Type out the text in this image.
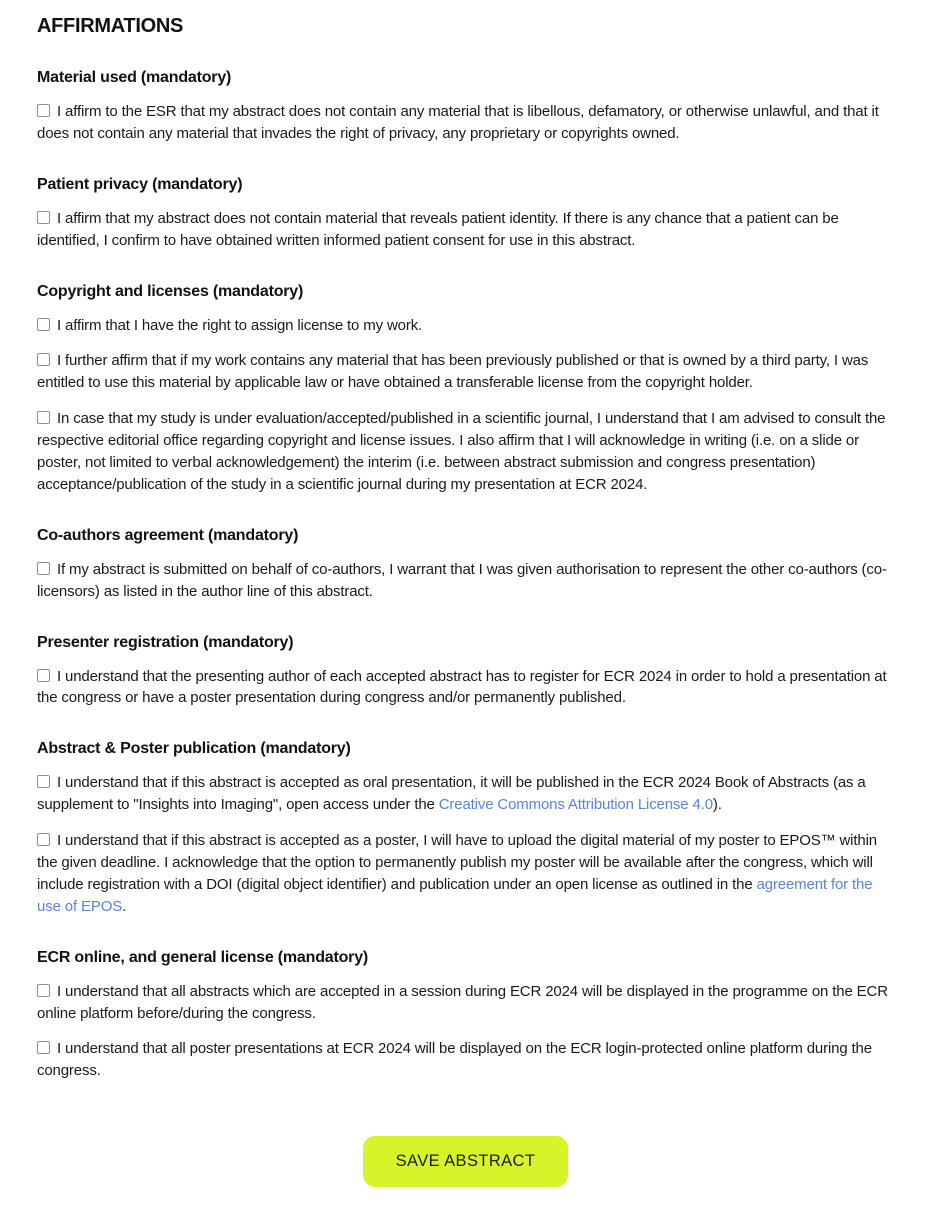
AFFIRMATIONS
Material used (mandatory)
I affirm to the ESR that my abstract does not contain any material that is libellous, defamatory, or otherwise unlawful, and that it does not contain any material that invades the right of privacy, any proprietary or copyrights owned.
Patient privacy (mandatory)
I affirm that my abstract does not contain material that reveals patient identity. If there is any chance that a patient can be identified, I confirm to have obtained written informed patient consent for use in this abstract.
Copyright and licenses (mandatory)
I affirm that I have the right to assign license to my work.
I further affirm that if my work contains any material that has been previously published or that is owned by a third party, I was entitled to use this material by applicable law or have obtained a transferable license from the copyright holder.
In case that my study is under evaluation/accepted/published in a scientific journal, I understand that I am advised to consult the respective editorial office regarding copyright and license issues. I also affirm that I will acknowledge in writing (i.e. on a slide or poster, not limited to verbal acknowledgement) the interim (i.e. between abstract submission and congress presentation) acceptance/publication of the study in a scientific journal during my presentation at ECR 2024.
Co-authors agreement (mandatory)
If my abstract is submitted on behalf of co-authors, I warrant that I was given authorisation to represent the other co-authors (co-licensors) as listed in the author line of this abstract.
Presenter registration (mandatory)
I understand that the presenting author of each accepted abstract has to register for ECR 2024 in order to hold a presentation at the congress or have a poster presentation during congress and/or permanently published.
Abstract & Poster publication (mandatory)
I understand that if this abstract is accepted as oral presentation, it will be published in the ECR 2024 Book of Abstracts (as a supplement to "Insights into Imaging", open access under the Creative Commons Attribution License 4.0).
I understand that if this abstract is accepted as a poster, I will have to upload the digital material of my poster to EPOS™ within the given deadline. I acknowledge that the option to permanently publish my poster will be available after the congress, which will include registration with a DOI (digital object identifier) and publication under an open license as outlined in the agreement for the use of EPOS.
ECR online, and general license (mandatory)
I understand that all abstracts which are accepted in a session during ECR 2024 will be displayed in the programme on the ECR online platform before/during the congress.
I understand that all poster presentations at ECR 2024 will be displayed on the ECR login-protected online platform during the congress.
SAVE ABSTRACT
